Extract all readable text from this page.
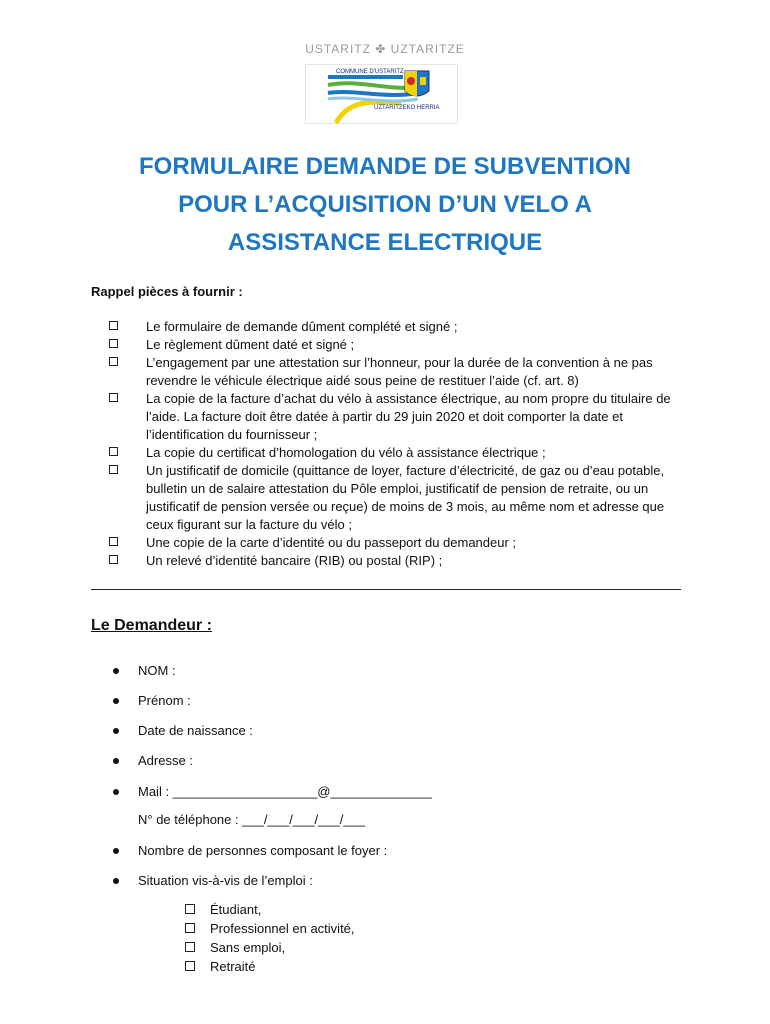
USTARITZ ✤ UZTARITZE
COMMUNE D'USTARITZ
UZTARITZEKO HERRIA
FORMULAIRE DEMANDE DE SUBVENTION
POUR L’ACQUISITION D’UN VELO A
ASSISTANCE ELECTRIQUE
Rappel pièces à fournir :
Le formulaire de demande dûment complété et signé ;
Le règlement dûment daté et signé ;
L’engagement par une attestation sur l’honneur, pour la durée de la convention à ne pas revendre le véhicule électrique aidé sous peine de restituer l’aide (cf. art. 8)
La copie de la facture d’achat du vélo à assistance électrique, au nom propre du titulaire de l’aide. La facture doit être datée à partir du 29 juin 2020 et doit comporter la date et l’identification du fournisseur ;
La copie du certificat d’homologation du vélo à assistance électrique ;
Un justificatif de domicile (quittance de loyer, facture d’électricité, de gaz ou d’eau potable, bulletin un de salaire attestation du Pôle emploi, justificatif de pension de retraite, ou un justificatif de pension versée ou reçue) de moins de 3 mois, au même nom et adresse que ceux figurant sur la facture du vélo ;
Une copie de la carte d’identité ou du passeport du demandeur ;
Un relevé d’identité bancaire (RIB) ou postal (RIP) ;
Le Demandeur :
NOM :
Prénom :
Date de naissance :
Adresse :
Mail : ____________________@______________
N° de téléphone : ___/___/___/___/___
Nombre de personnes composant le foyer :
Situation vis-à-vis de l’emploi :
Étudiant,
Professionnel en activité,
Sans emploi,
Retraité
